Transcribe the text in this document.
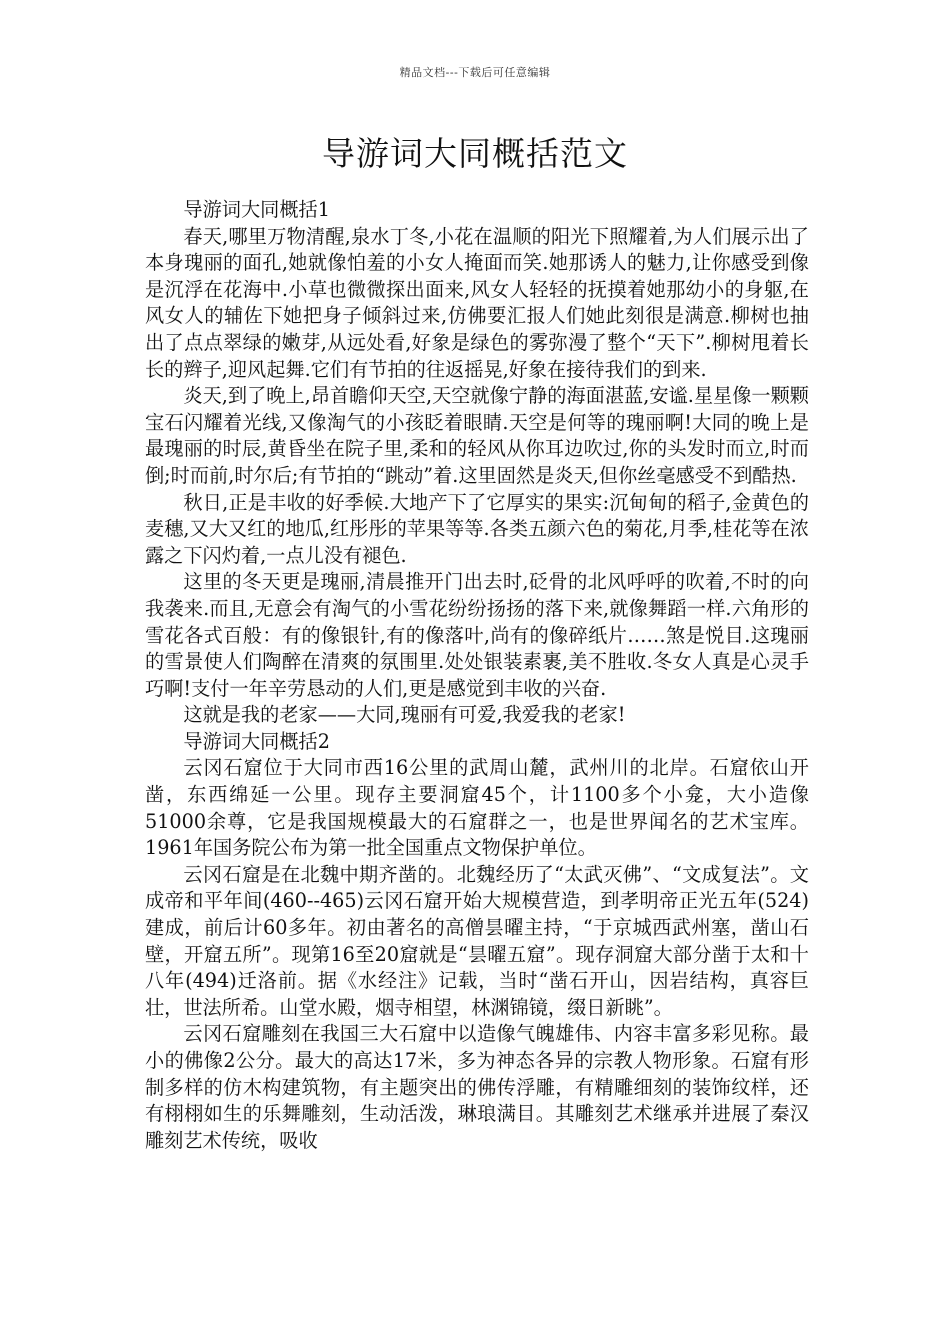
精品文档---下载后可任意编辑
导游词大同概括范文

导游词大同概括1

春天,哪里万物清醒,泉水丁冬,小花在温顺的阳光下照耀着,为人们展示出了本身瑰丽的面孔,她就像怕羞的小女人掩面而笑.她那诱人的魅力,让你感受到像是沉浮在花海中.小草也微微探出面来,风女人轻轻的抚摸着她那幼小的身躯,在风女人的辅佐下她把身子倾斜过来,仿佛要汇报人们她此刻很是满意.柳树也抽出了点点翠绿的嫩芽,从远处看,好象是绿色的雾弥漫了整个“天下”.柳树甩着长长的辫子,迎风起舞.它们有节拍的往返摇晃,好象在接待我们的到来.

炎天,到了晚上,昂首瞻仰天空,天空就像宁静的海面湛蓝,安谧.星星像一颗颗宝石闪耀着光线,又像淘气的小孩眨着眼睛.天空是何等的瑰丽啊!大同的晚上是最瑰丽的时辰,黄昏坐在院子里,柔和的轻风从你耳边吹过,你的头发时而立,时而倒;时而前,时尔后;有节拍的“跳动”着.这里固然是炎天,但你丝毫感受不到酷热.

秋日,正是丰收的好季候.大地产下了它厚实的果实:沉甸甸的稻子,金黄色的麦穗,又大又红的地瓜,红彤彤的苹果等等.各类五颜六色的菊花,月季,桂花等在浓露之下闪灼着,一点儿没有褪色.

这里的冬天更是瑰丽,清晨推开门出去时,砭骨的北风呼呼的吹着,不时的向我袭来.而且,无意会有淘气的小雪花纷纷扬扬的落下来,就像舞蹈一样.六角形的雪花各式百般：有的像银针,有的像落叶,尚有的像碎纸片……煞是悦目.这瑰丽的雪景使人们陶醉在清爽的氛围里.处处银装素裹,美不胜收.冬女人真是心灵手巧啊!支付一年辛劳恳动的人们,更是感觉到丰收的兴奋.

这就是我的老家——大同,瑰丽有可爱,我爱我的老家!

导游词大同概括2

云冈石窟位于大同市西16公里的武周山麓，武州川的北岸。石窟依山开凿，东西绵延一公里。现存主要洞窟45个，计1100多个小龛，大小造像51000余尊，它是我国规模最大的石窟群之一，也是世界闻名的艺术宝库。1961年国务院公布为第一批全国重点文物保护单位。

云冈石窟是在北魏中期齐凿的。北魏经历了“太武灭佛”、“文成复法”。文成帝和平年间(460--465)云冈石窟开始大规模营造，到孝明帝正光五年(524)建成，前后计60多年。初由著名的高僧昙曜主持，“于京城西武州塞，凿山石壁，开窟五所”。现第16至20窟就是“昙曜五窟”。现存洞窟大部分凿于太和十八年(494)迁洛前。据《水经注》记载，当时“凿石开山，因岩结构，真容巨壮，世法所希。山堂水殿，烟寺相望，林渊锦镜，缀日新眺”。

云冈石窟雕刻在我国三大石窟中以造像气魄雄伟、内容丰富多彩见称。最小的佛像2公分。最大的高达17米，多为神态各异的宗教人物形象。石窟有形制多样的仿木构建筑物，有主题突出的佛传浮雕，有精雕细刻的装饰纹样，还有栩栩如生的乐舞雕刻，生动活泼，琳琅满目。其雕刻艺术继承并进展了秦汉雕刻艺术传统，吸收
